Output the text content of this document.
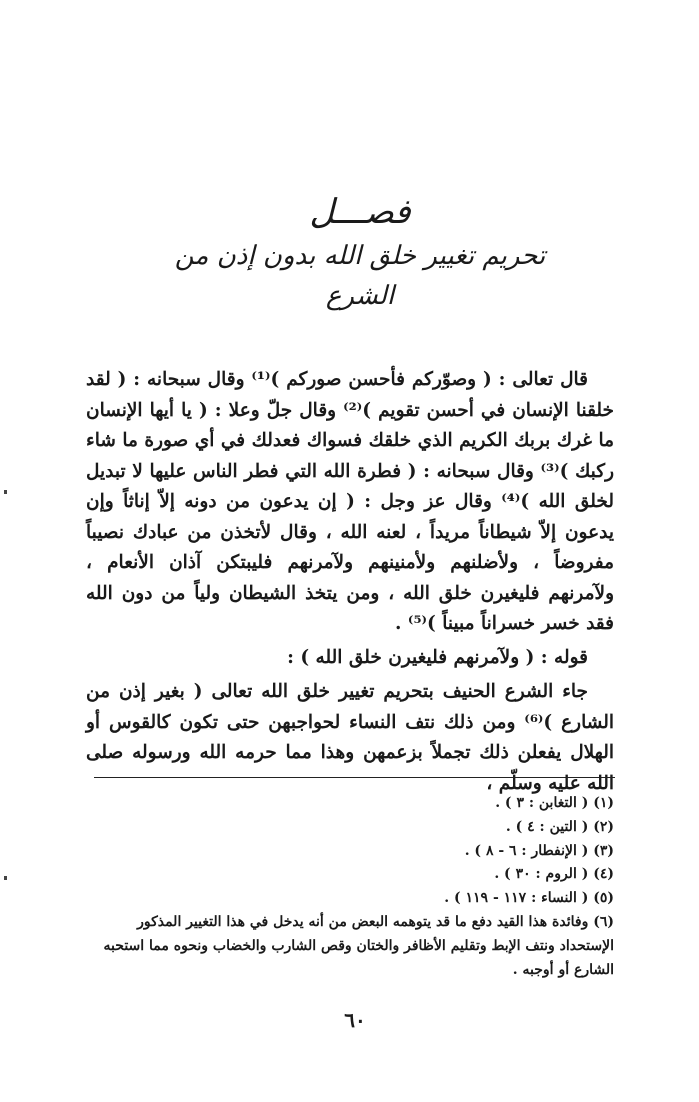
فصـــل
تحريم تغيير خلق الله بدون إذن من الشرع

قال تعالى : ( وصوّركم فأحسن صوركم )⁽¹⁾ وقال سبحانه : ( لقد خلقنا الإنسان في أحسن تقويم )⁽²⁾ وقال جلّ وعلا : ( يا أيها الإنسان ما غرك بربك الكريم الذي خلقك فسواك فعدلك في أي صورة ما شاء ركبك )⁽³⁾ وقال سبحانه : ( فطرة الله التي فطر الناس عليها لا تبديل لخلق الله )⁽⁴⁾ وقال عز وجل : ( إن يدعون من دونه إلاّ إناثاً وإن يدعون إلاّ شيطاناً مريداً ، لعنه الله ، وقال لأتخذن من عبادك نصيباً مفروضاً ، ولأضلنهم ولأمنينهم ولآمرنهم فليبتكن آذان الأنعام ، ولآمرنهم فليغيرن خلق الله ، ومن يتخذ الشيطان ولياً من دون الله فقد خسر خسراناً مبيناً )⁽⁵⁾ .

قوله : ( ولآمرنهم فليغيرن خلق الله ) :

جاء الشرع الحنيف بتحريم تغيير خلق الله تعالى ( بغير إذن من الشارع )⁽⁶⁾ ومن ذلك نتف النساء لحواجبهن حتى تكون كالقوس أو الهلال يفعلن ذلك تجملاً بزعمهن وهذا مما حرمه الله ورسوله صلى الله عليه وسلّم ،

(١) ( التغابن : ٣ ) .

(٢) ( التين : ٤ ) .

(٣) ( الإنفطار : ٦ - ٨ ) .

(٤) ( الروم : ٣٠ ) .

(٥) ( النساء : ١١٧ - ١١٩ ) .

(٦) وفائدة هذا القيد دفع ما قد يتوهمه البعض من أنه يدخل في هذا التغيير المذكور الإستحداد ونتف الإبط وتقليم الأظافر والختان وقص الشارب والخضاب ونحوه مما استحبه الشارع أو أوجبه .

٦٠
